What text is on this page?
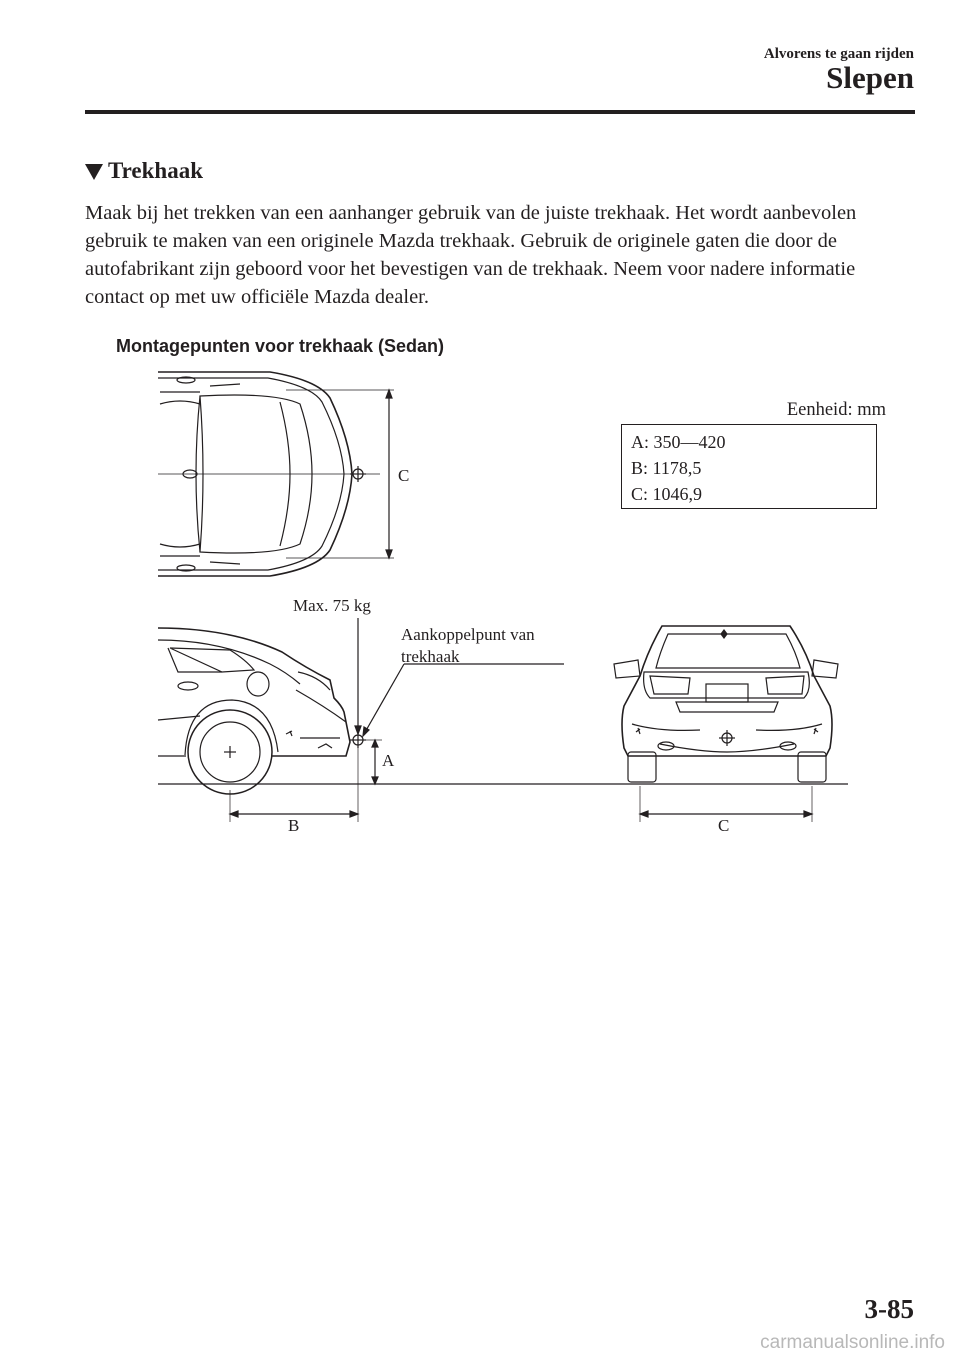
Alvorens te gaan rijden
Slepen
Trekhaak

Maak bij het trekken van een aanhanger gebruik van de juiste trekhaak. Het wordt aanbevolen gebruik te maken van een originele Mazda trekhaak. Gebruik de originele gaten die door de autofabrikant zijn geboord voor het bevestigen van de trekhaak. Neem voor nadere informatie contact op met uw officiële Mazda dealer.

Montagepunten voor trekhaak (Sedan)
Eenheid: mm
A: 350—420
B: 1178,5
C: 1046,9
C
Max. 75 kg
Aankoppelpunt van
trekhaak
A
B	C
3-85
carmanualsonline.info
